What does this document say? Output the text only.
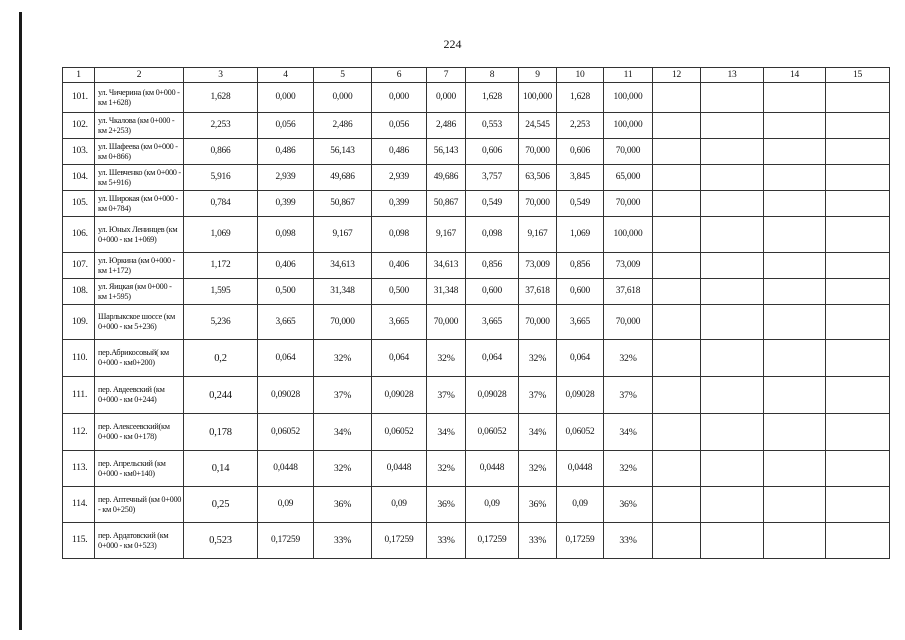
224
1	2	3	4	5	6	7	8	9	10	11	12	13	14	15
101.	ул. Чичерина (км 0+000 - км 1+628)	1,628	0,000	0,000	0,000	0,000	1,628	100,000	1,628	100,000				
102.	ул. Чкалова (км 0+000 - км 2+253)	2,253	0,056	2,486	0,056	2,486	0,553	24,545	2,253	100,000				
103.	ул. Шафеева (км 0+000 - км 0+866)	0,866	0,486	56,143	0,486	56,143	0,606	70,000	0,606	70,000				
104.	ул. Шевченко (км 0+000 - км 5+916)	5,916	2,939	49,686	2,939	49,686	3,757	63,506	3,845	65,000				
105.	ул. Широкая (км 0+000 - км 0+784)	0,784	0,399	50,867	0,399	50,867	0,549	70,000	0,549	70,000				
106.	ул. Юных Ленинцев (км 0+000 - км 1+069)	1,069	0,098	9,167	0,098	9,167	0,098	9,167	1,069	100,000				
107.	ул. Юркина (км 0+000 - км 1+172)	1,172	0,406	34,613	0,406	34,613	0,856	73,009	0,856	73,009				
108.	ул. Яицкая (км 0+000 - км 1+595)	1,595	0,500	31,348	0,500	31,348	0,600	37,618	0,600	37,618				
109.	Шарлыкское шоссе (км 0+000 - км 5+236)	5,236	3,665	70,000	3,665	70,000	3,665	70,000	3,665	70,000				
110.	пер.Абрикосовый( км 0+000 - км0+200)	0,2	0,064	32%	0,064	32%	0,064	32%	0,064	32%				
111.	пер. Авдеевский (км 0+000 - км 0+244)	0,244	0,09028	37%	0,09028	37%	0,09028	37%	0,09028	37%				
112.	пер. Алексеевский(км 0+000 - км 0+178)	0,178	0,06052	34%	0,06052	34%	0,06052	34%	0,06052	34%				
113.	пер. Апрельский (км 0+000 - км0+140)	0,14	0,0448	32%	0,0448	32%	0,0448	32%	0,0448	32%				
114.	пер. Аптечный (км 0+000 - км 0+250)	0,25	0,09	36%	0,09	36%	0,09	36%	0,09	36%				
115.	пер. Ардатовский (км 0+000 - км 0+523)	0,523	0,17259	33%	0,17259	33%	0,17259	33%	0,17259	33%				
